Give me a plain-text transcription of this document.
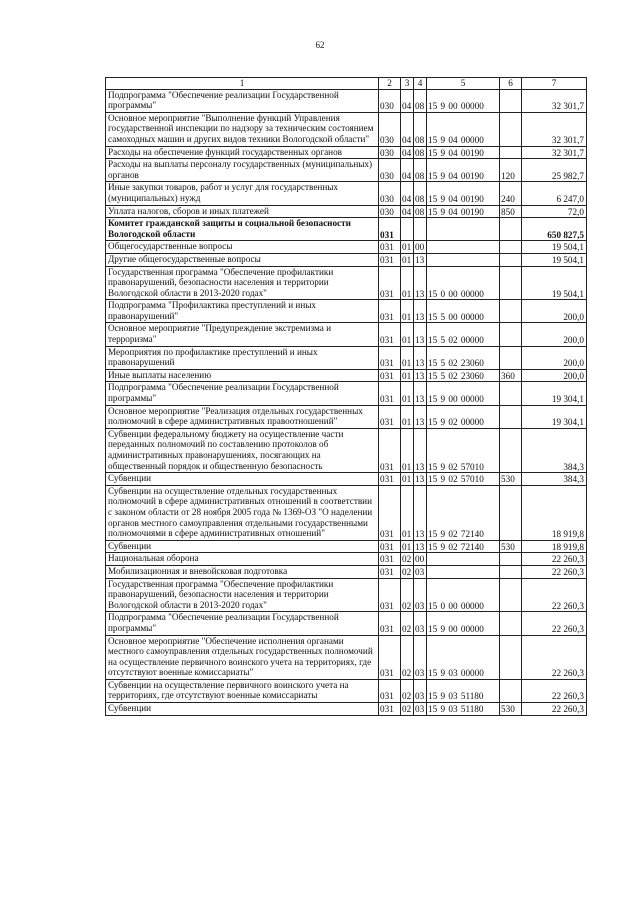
62
1	2	3	4	5	6	7
Подпрограмма "Обеспечение реализации Государственной программы"	030	04	08	15 9 00 00000		32 301,7
Основное мероприятие "Выполнение функций Управления государственной инспекции по надзору за техническим состоянием самоходных машин и других видов техники Вологодской области"	030	04	08	15 9 04 00000		32 301,7
Расходы на обеспечение функций государственных органов	030	04	08	15 9 04 00190		32 301,7
Расходы на выплаты персоналу государственных (муниципальных) органов	030	04	08	15 9 04 00190	120	25 982,7
Иные закупки товаров, работ и услуг для государственных (муниципальных) нужд	030	04	08	15 9 04 00190	240	6 247,0
Уплата налогов, сборов и иных платежей	030	04	08	15 9 04 00190	850	72,0
Комитет гражданской защиты и социальной безопасности Вологодской области	031					650 827,5
Общегосударственные вопросы	031	01	00			19 504,1
Другие общегосударственные вопросы	031	01	13			19 504,1
Государственная программа "Обеспечение профилактики правонарушений, безопасности населения и территории Вологодской области в 2013-2020 годах"	031	01	13	15 0 00 00000		19 504,1
Подпрограмма "Профилактика преступлений и иных правонарушений"	031	01	13	15 5 00 00000		200,0
Основное мероприятие "Предупреждение экстремизма и терроризма"	031	01	13	15 5 02 00000		200,0
Мероприятия по профилактике преступлений и иных правонарушений	031	01	13	15 5 02 23060		200,0
Иные выплаты населению	031	01	13	15 5 02 23060	360	200,0
Подпрограмма "Обеспечение реализации Государственной программы"	031	01	13	15 9 00 00000		19 304,1
Основное мероприятие "Реализация отдельных государственных полномочий в сфере административных правоотношений"	031	01	13	15 9 02 00000		19 304,1
Субвенции федеральному бюджету на осуществление части переданных полномочий по составлению протоколов об административных правонарушениях, посягающих на общественный порядок и общественную безопасность	031	01	13	15 9 02 57010		384,3
Субвенции	031	01	13	15 9 02 57010	530	384,3
Субвенции на осуществление отдельных государственных полномочий в сфере административных отношений в соответствии с законом области от 28 ноября 2005 года № 1369-ОЗ "О наделении органов местного самоуправления отдельными государственными полномочиями в сфере административных отношений"	031	01	13	15 9 02 72140		18 919,8
Субвенции	031	01	13	15 9 02 72140	530	18 919,8
Национальная оборона	031	02	00			22 260,3
Мобилизационная и вневойсковая подготовка	031	02	03			22 260,3
Государственная программа "Обеспечение профилактики правонарушений, безопасности населения и территории Вологодской области в 2013-2020 годах"	031	02	03	15 0 00 00000		22 260,3
Подпрограмма "Обеспечение реализации Государственной программы"	031	02	03	15 9 00 00000		22 260,3
Основное мероприятие "Обеспечение исполнения органами местного самоуправления отдельных государственных полномочий на осуществление первичного воинского учета на территориях, где отсутствуют военные комиссариаты"	031	02	03	15 9 03 00000		22 260,3
Субвенции на осуществление первичного воинского учета на территориях, где отсутствуют военные комиссариаты	031	02	03	15 9 03 51180		22 260,3
Субвенции	031	02	03	15 9 03 51180	530	22 260,3
